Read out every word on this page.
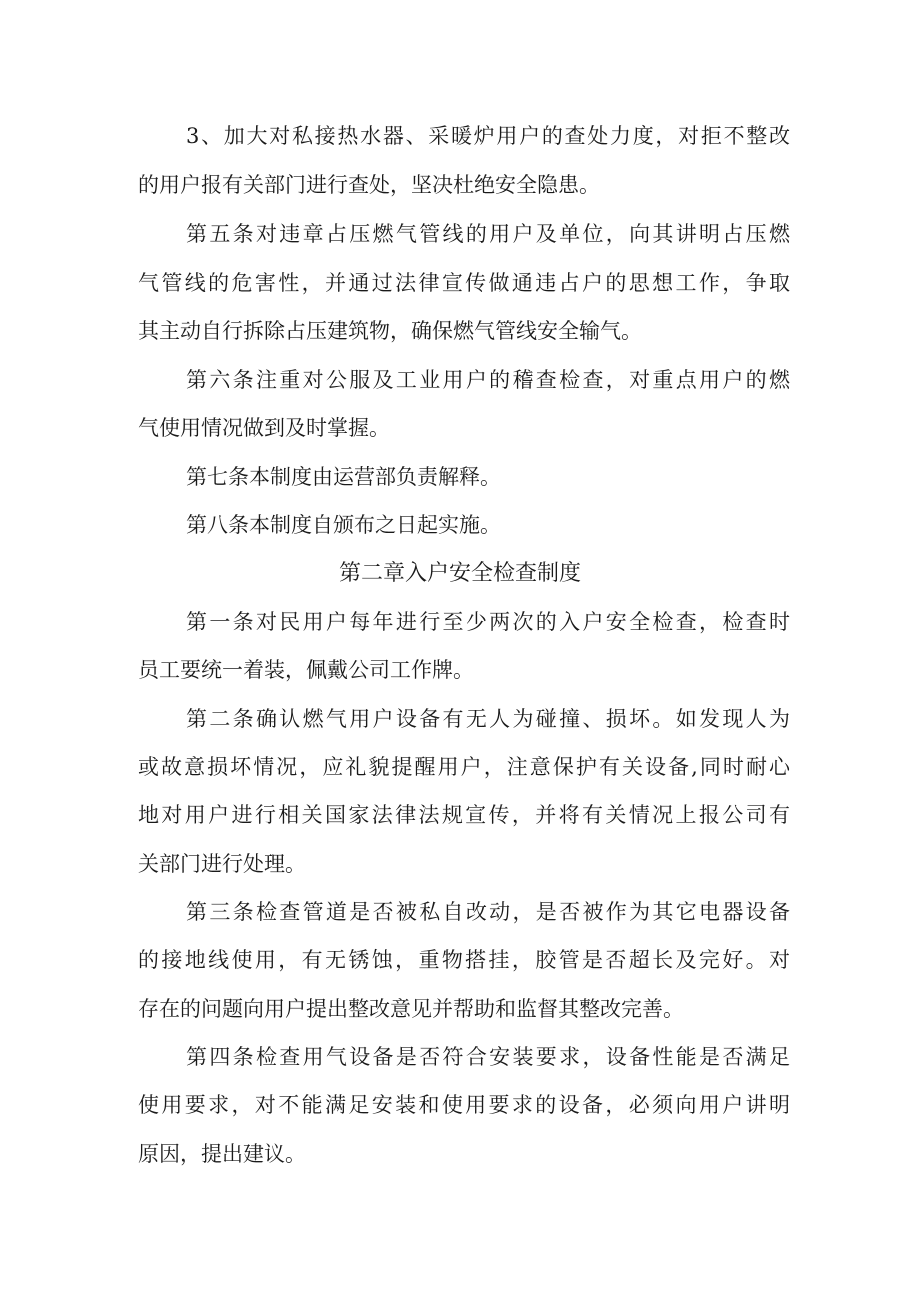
3、加大对私接热水器、采暖炉用户的查处力度，对拒不整改
的用户报有关部门进行查处，坚决杜绝安全隐患。
第五条对违章占压燃气管线的用户及单位，向其讲明占压燃
气管线的危害性，并通过法律宣传做通违占户的思想工作，争取
其主动自行拆除占压建筑物，确保燃气管线安全输气。
第六条注重对公服及工业用户的稽查检查，对重点用户的燃
气使用情况做到及时掌握。
第七条本制度由运营部负责解释。
第八条本制度自颁布之日起实施。
第二章入户安全检查制度
第一条对民用户每年进行至少两次的入户安全检查，检查时
员工要统一着装，佩戴公司工作牌。
第二条确认燃气用户设备有无人为碰撞、损坏。如发现人为
或故意损坏情况，应礼貌提醒用户，注意保护有关设备,同时耐心
地对用户进行相关国家法律法规宣传，并将有关情况上报公司有
关部门进行处理。
第三条检查管道是否被私自改动，是否被作为其它电器设备
的接地线使用，有无锈蚀，重物搭挂，胶管是否超长及完好。对
存在的问题向用户提出整改意见并帮助和监督其整改完善。
第四条检查用气设备是否符合安装要求，设备性能是否满足
使用要求，对不能满足安装和使用要求的设备，必须向用户讲明
原因，提出建议。
